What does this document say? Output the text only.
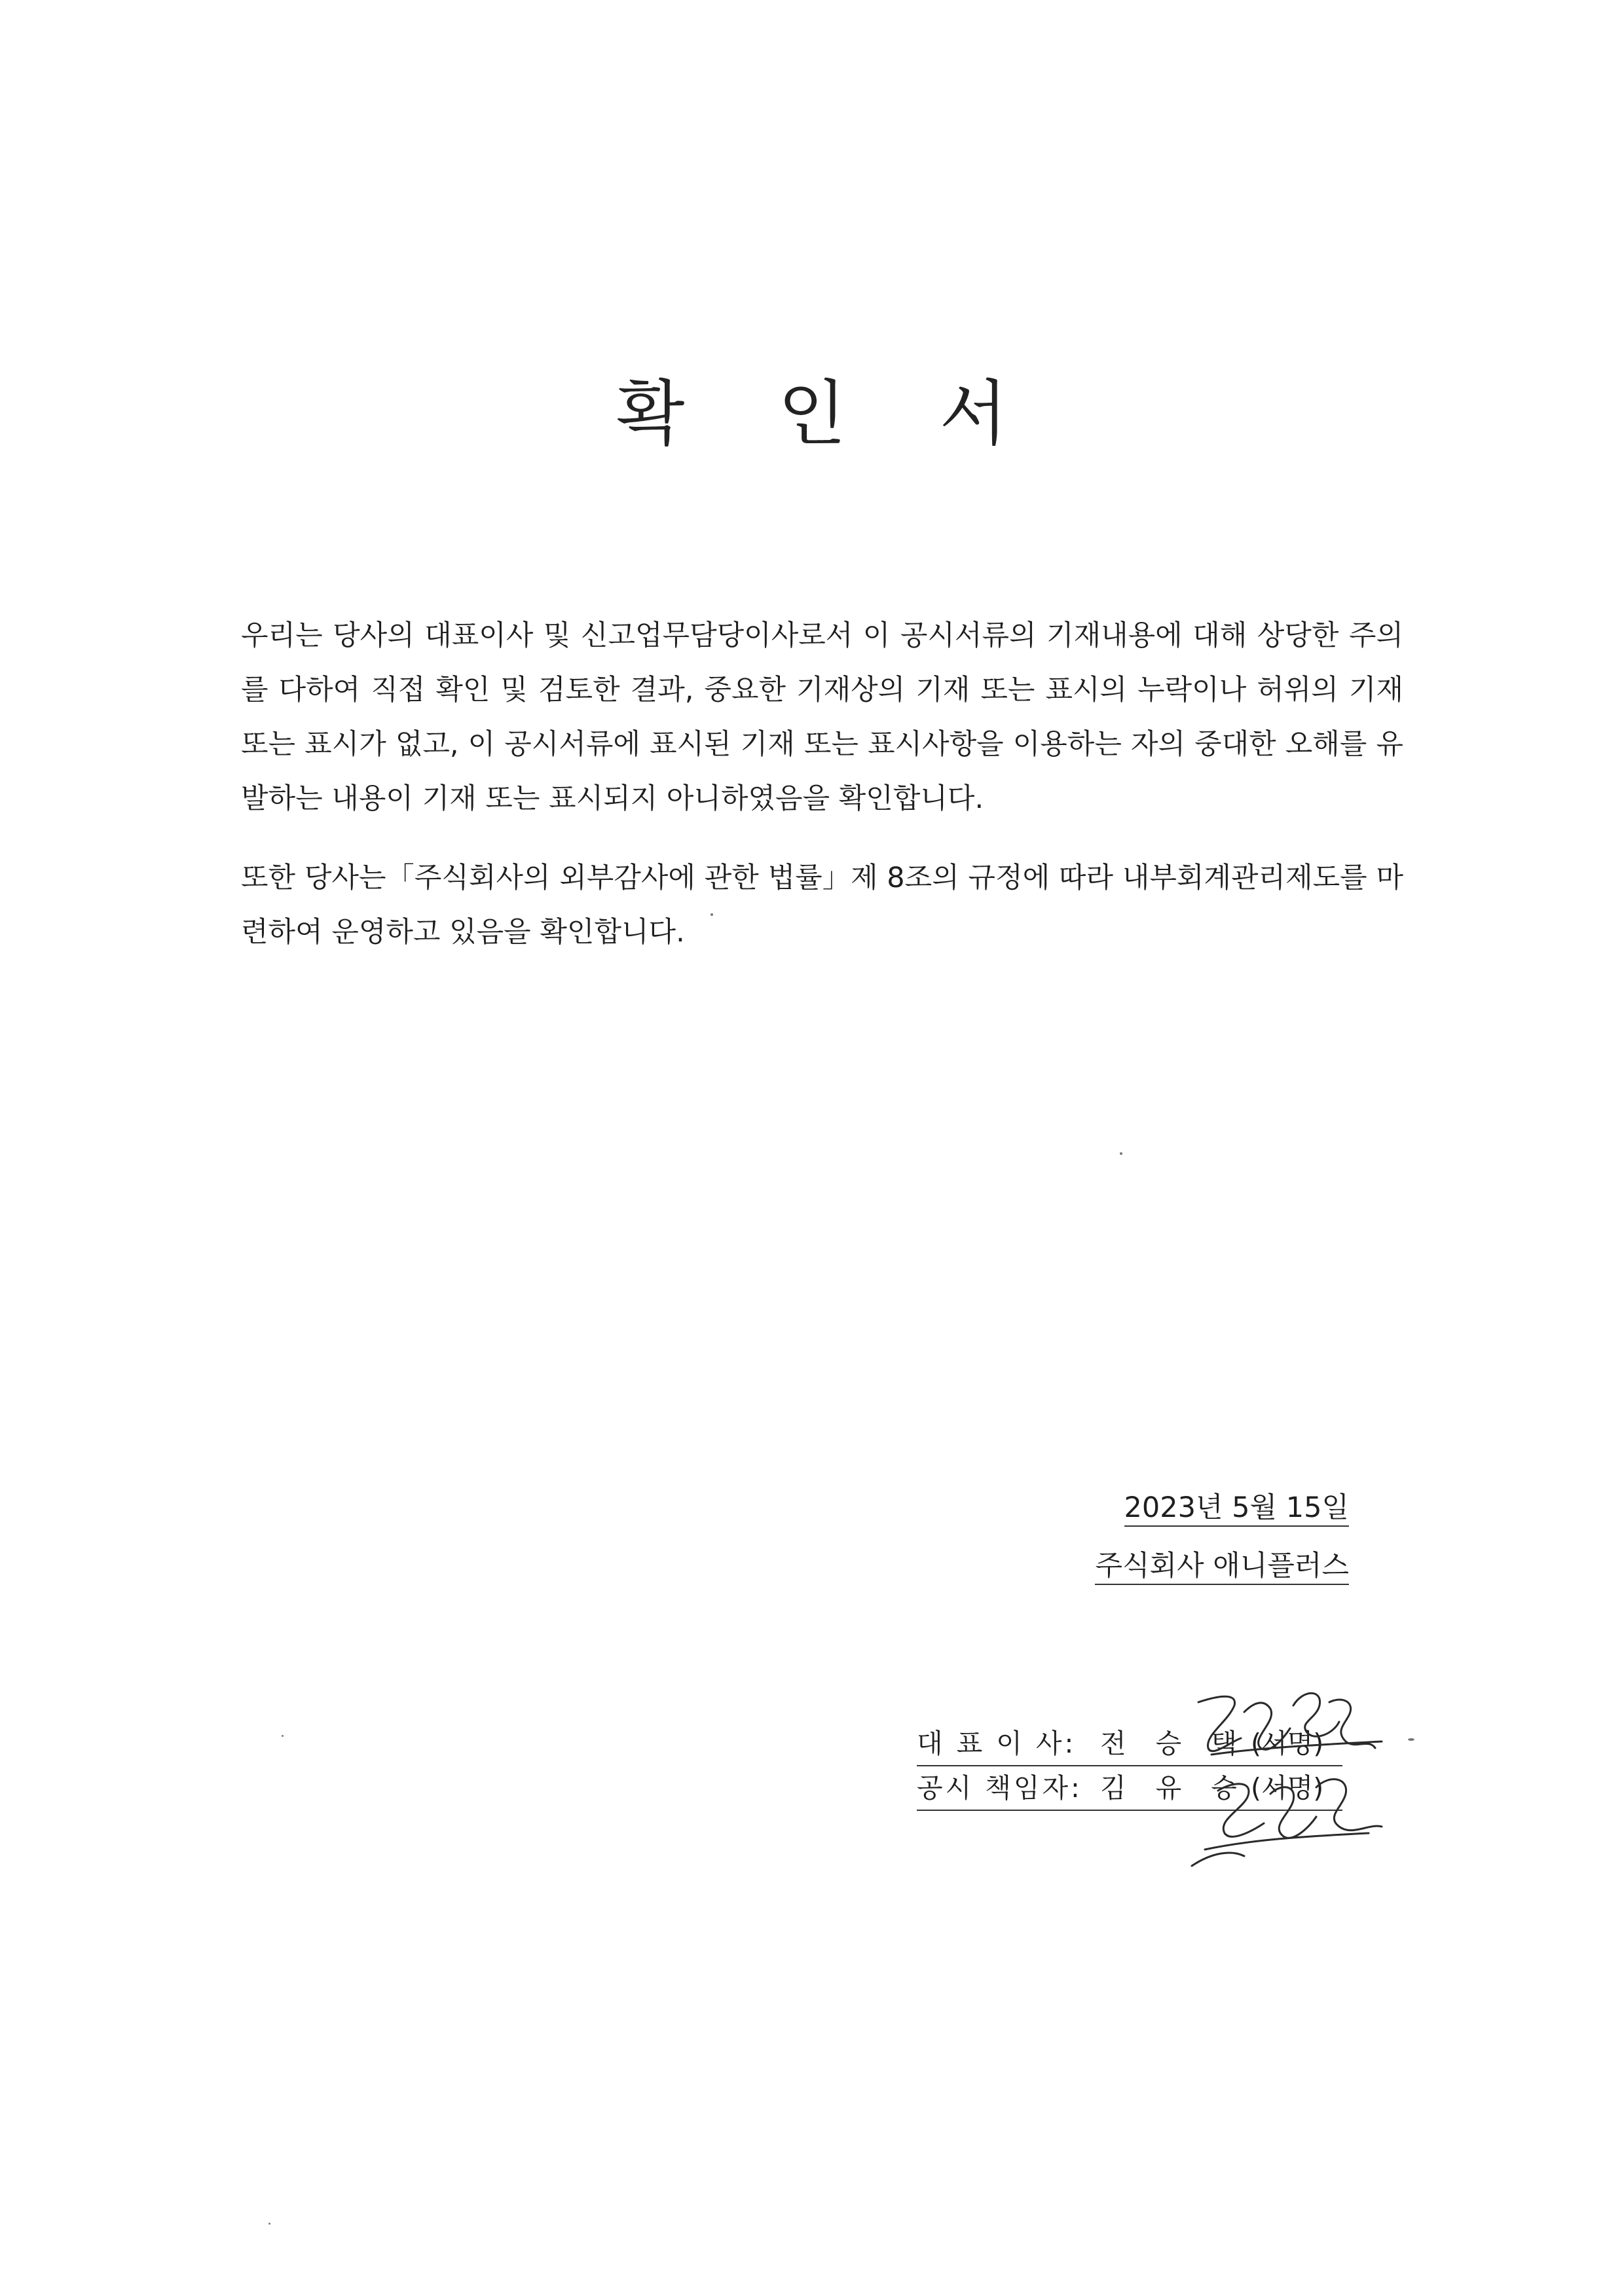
확 인 서

우리는 당사의 대표이사 및 신고업무담당이사로서 이 공시서류의 기재내용에 대해 상당한 주의를 다하여 직접 확인 및 검토한 결과, 중요한 기재상의 기재 또는 표시의 누락이나 허위의 기재 또는 표시가 없고, 이 공시서류에 표시된 기재 또는 표시사항을 이용하는 자의 중대한 오해를 유발하는 내용이 기재 또는 표시되지 아니하였음을 확인합니다.

또한 당사는「주식회사의 외부감사에 관한 법률」제 8조의 규정에 따라 내부회계관리제도를 마련하여 운영하고 있음을 확인합니다.

2023년 5월 15일
주식회사 애니플러스
대 표 이 사: 전 승 택 (서명)
공시 책임자: 김 유 승 (서명)
